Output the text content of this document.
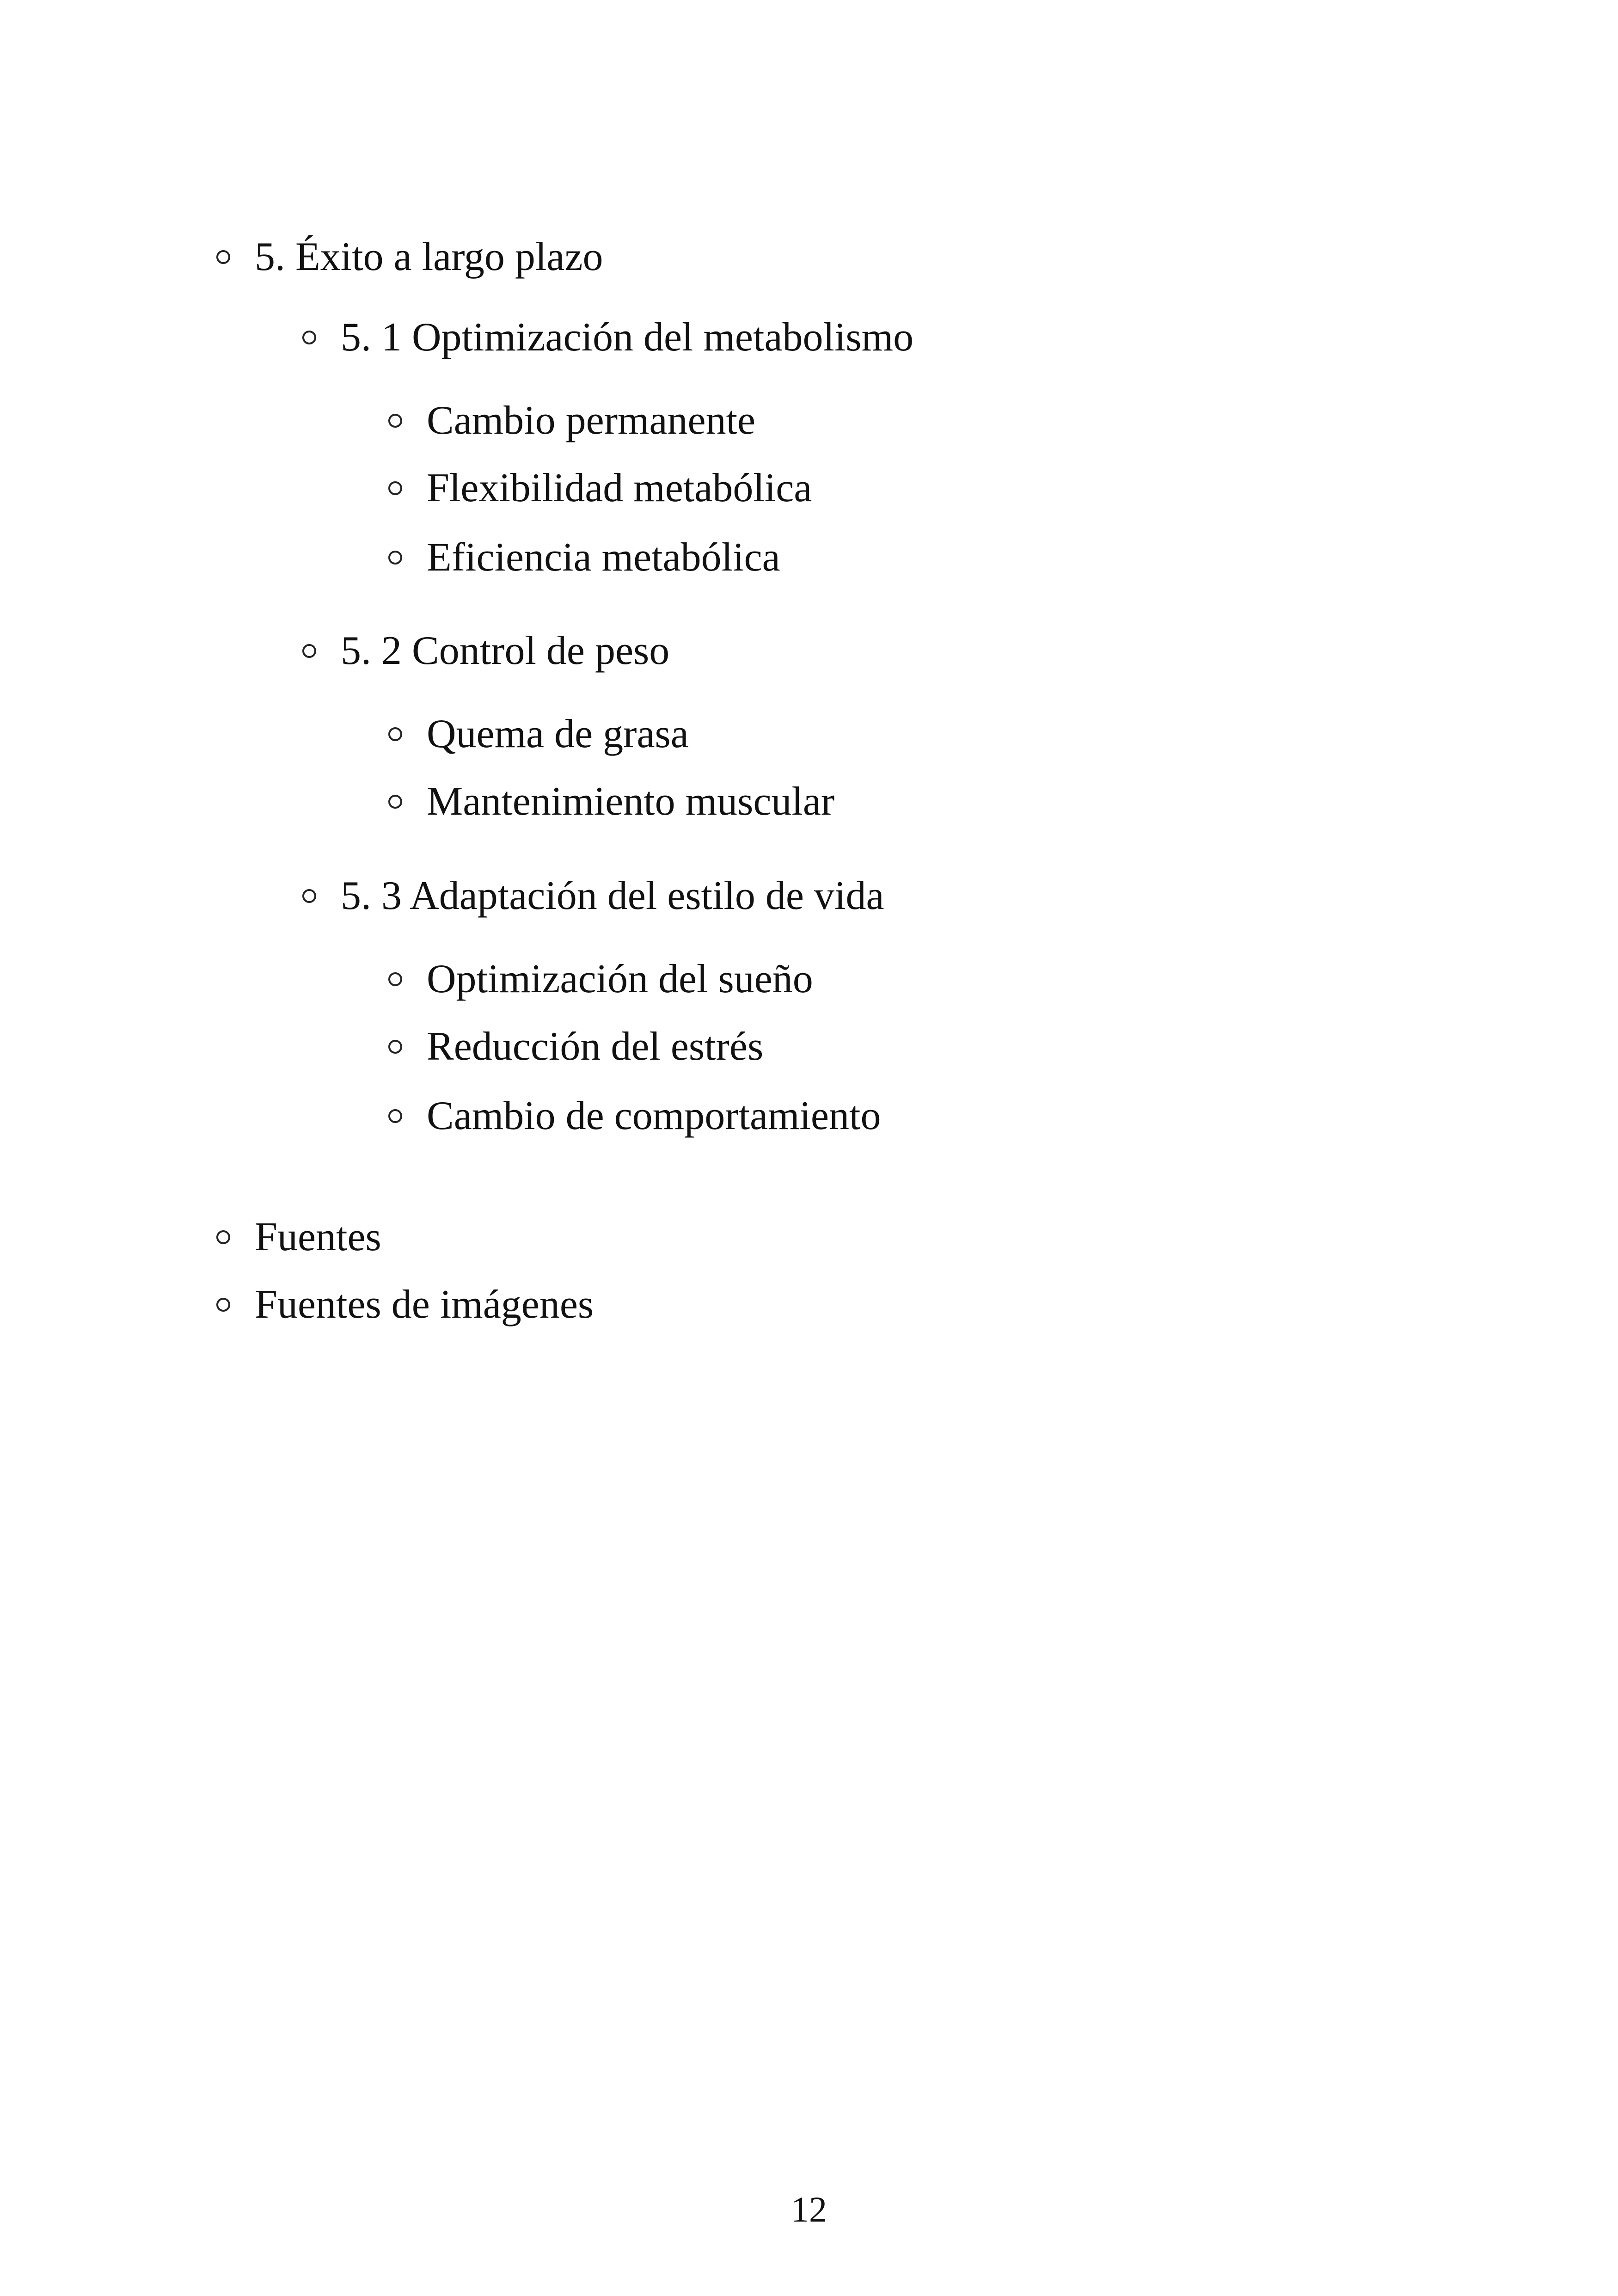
5. Éxito a largo plazo
5. 1 Optimización del metabolismo
Cambio permanente
Flexibilidad metabólica
Eficiencia metabólica
5. 2 Control de peso
Quema de grasa
Mantenimiento muscular
5. 3 Adaptación del estilo de vida
Optimización del sueño
Reducción del estrés
Cambio de comportamiento
Fuentes
Fuentes de imágenes
12
